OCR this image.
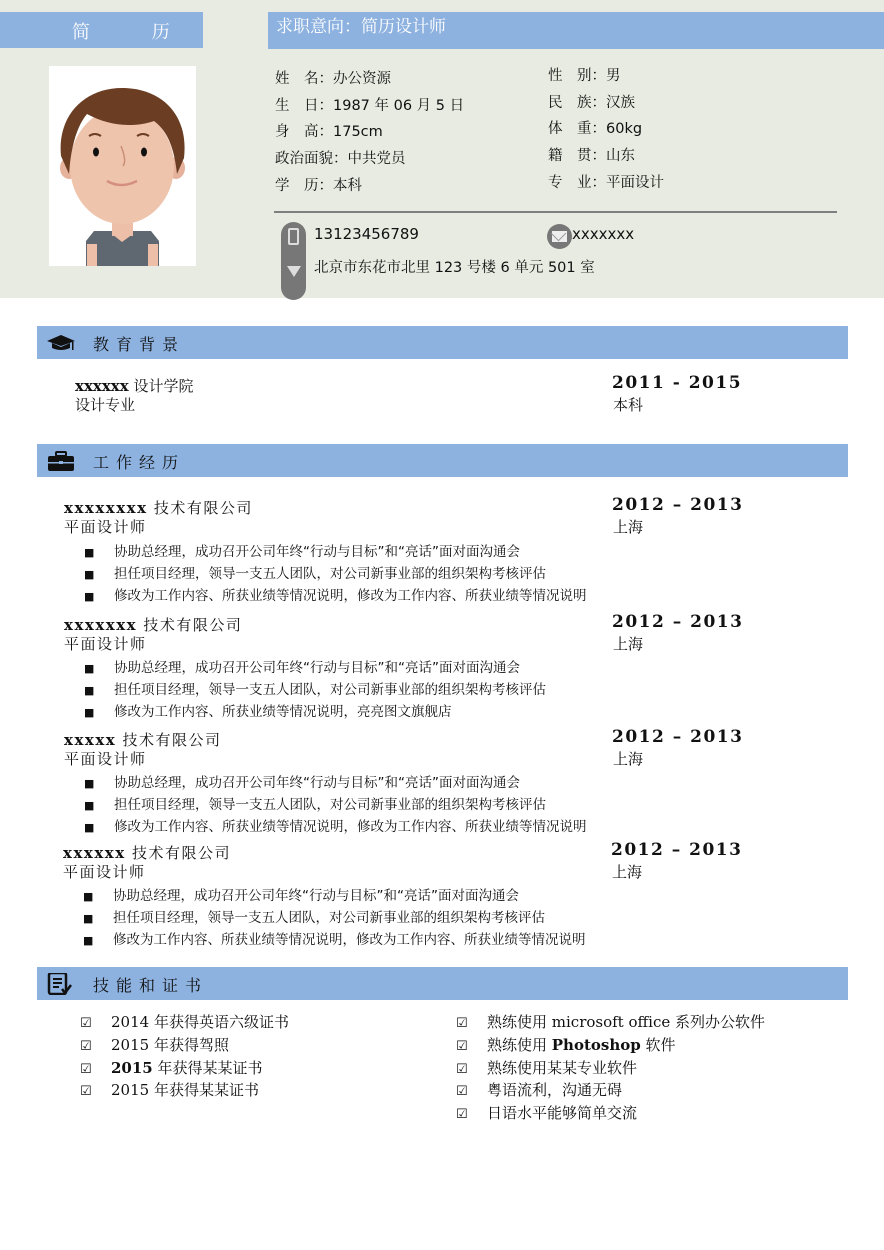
简 历	求职意向：简历设计师
姓　名：办公资源
生　日：1987 年 06 月 5 日
身　高：175cm
政治面貌：中共党员
学　历：本科
性　别：男
民　族：汉族
体　重：60kg
籍　贯：山东
专　业：平面设计
13123456789	xxxxxxx
北京市东花市北里 123 号楼 6 单元 501 室
教育背景
xxxxxx 设计学院
设计专业
2011 - 2015
本科
工作经历
xxxxxxxx 技术有限公司
平面设计师
2012 – 2013
上海
■ 协助总经理，成功召开公司年终“行动与目标”和“亮话”面对面沟通会
■ 担任项目经理，领导一支五人团队，对公司新事业部的组织架构考核评估
■ 修改为工作内容、所获业绩等情况说明，修改为工作内容、所获业绩等情况说明
xxxxxxx 技术有限公司
平面设计师
2012 – 2013
上海
■ 协助总经理，成功召开公司年终“行动与目标”和“亮话”面对面沟通会
■ 担任项目经理，领导一支五人团队，对公司新事业部的组织架构考核评估
■ 修改为工作内容、所获业绩等情况说明，亮亮图文旗舰店
xxxxx 技术有限公司
平面设计师
2012 – 2013
上海
■ 协助总经理，成功召开公司年终“行动与目标”和“亮话”面对面沟通会
■ 担任项目经理，领导一支五人团队，对公司新事业部的组织架构考核评估
■ 修改为工作内容、所获业绩等情况说明，修改为工作内容、所获业绩等情况说明
xxxxxx 技术有限公司
平面设计师
2012 – 2013
上海
■ 协助总经理，成功召开公司年终“行动与目标”和“亮话”面对面沟通会
■ 担任项目经理，领导一支五人团队，对公司新事业部的组织架构考核评估
■ 修改为工作内容、所获业绩等情况说明，修改为工作内容、所获业绩等情况说明
技能和证书
☑ 2014 年获得英语六级证书
☑ 2015 年获得驾照
☑ 2015 年获得某某证书
☑ 2015 年获得某某证书
☑ 熟练使用 microsoft office 系列办公软件
☑ 熟练使用 Photoshop 软件
☑ 熟练使用某某专业软件
☑ 粤语流利，沟通无碍
☑ 日语水平能够简单交流
